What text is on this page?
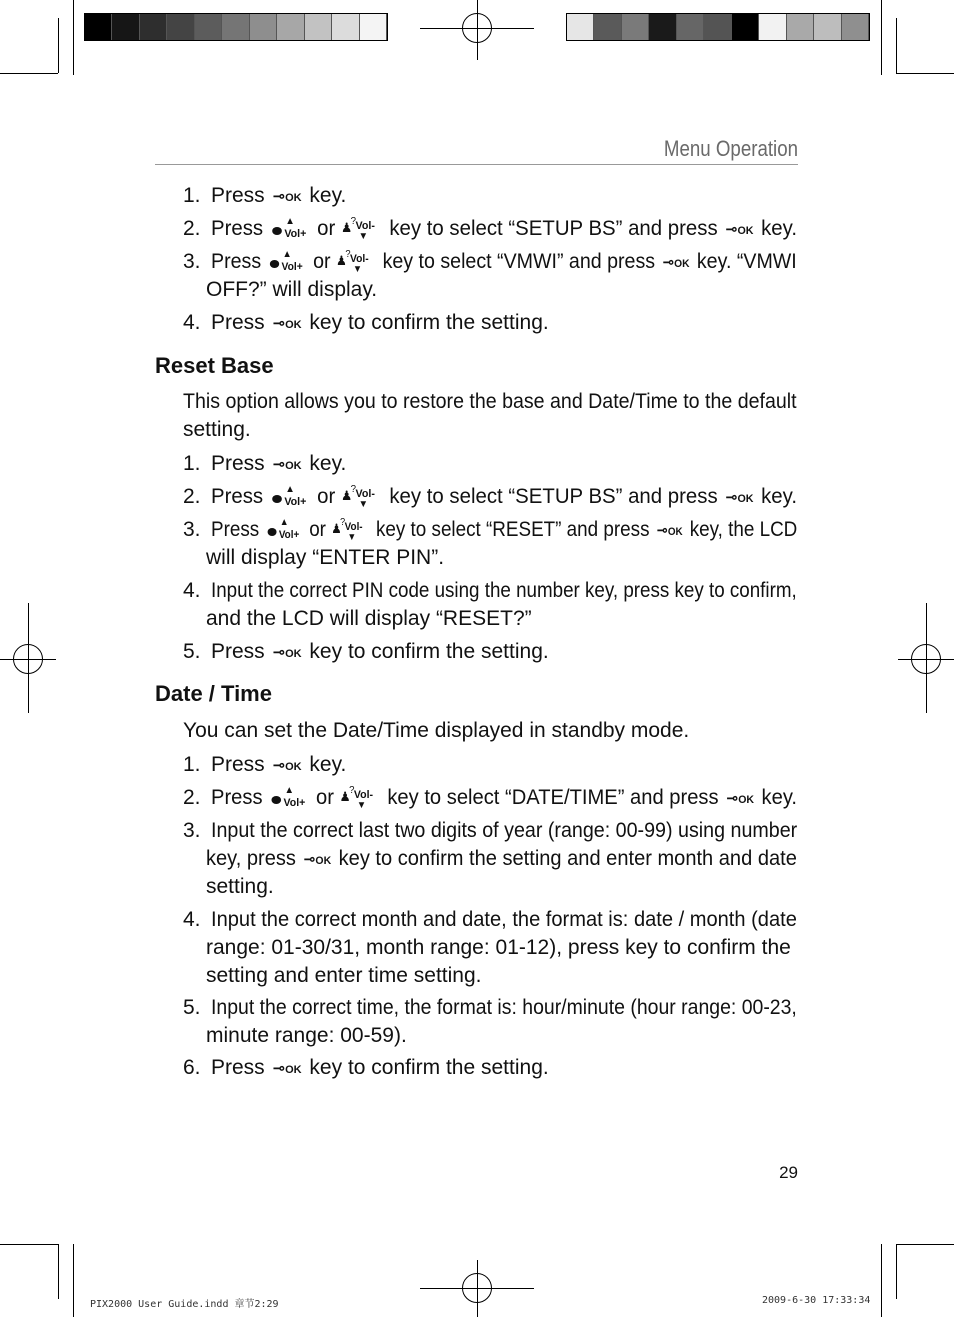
Menu Operation
1. Press ⊸OK key.
2. Press ▲
Vol+ or ♟
? Vol-
▼ key to select “SETUP BS” and press ⊸OK key.
3. Press ▲
Vol+ or ♟
? Vol-
▼ key to select “VMWI” and press ⊸OK key. “VMWI
OFF?” will display.
4. Press ⊸OK key to confirm the setting.
Reset Base

This option allows you to restore the base and Date/Time to the default

setting.

1. Press ⊸OK key.
2. Press ▲
Vol+ or ♟
? Vol-
▼ key to select “SETUP BS” and press ⊸OK key.
3. Press ▲
Vol+ or ♟
? Vol-
▼ key to select “RESET” and press ⊸OK key, the LCD
will display “ENTER PIN”.
4. Input the correct PIN code using the number key, press key to confirm,
and the LCD will display “RESET?”
5. Press ⊸OK key to confirm the setting.
Date / Time

You can set the Date/Time displayed in standby mode.

1. Press ⊸OK key.
2. Press ▲
Vol+ or ♟
? Vol-
▼ key to select “DATE/TIME” and press ⊸OK key.
3. Input the correct last two digits of year (range: 00-99) using number
key, press ⊸OK key to confirm the setting and enter month and date
setting.
4. Input the correct month and date, the format is: date / month (date
range: 01-30/31, month range: 01-12), press key to confirm the
setting and enter time setting.
5. Input the correct time, the format is: hour/minute (hour range: 00-23,
minute range: 00-59).
6. Press ⊸OK key to confirm the setting.
29
PIX2000 User Guide.indd 章节2:29	2009-6-30 17:33:34
